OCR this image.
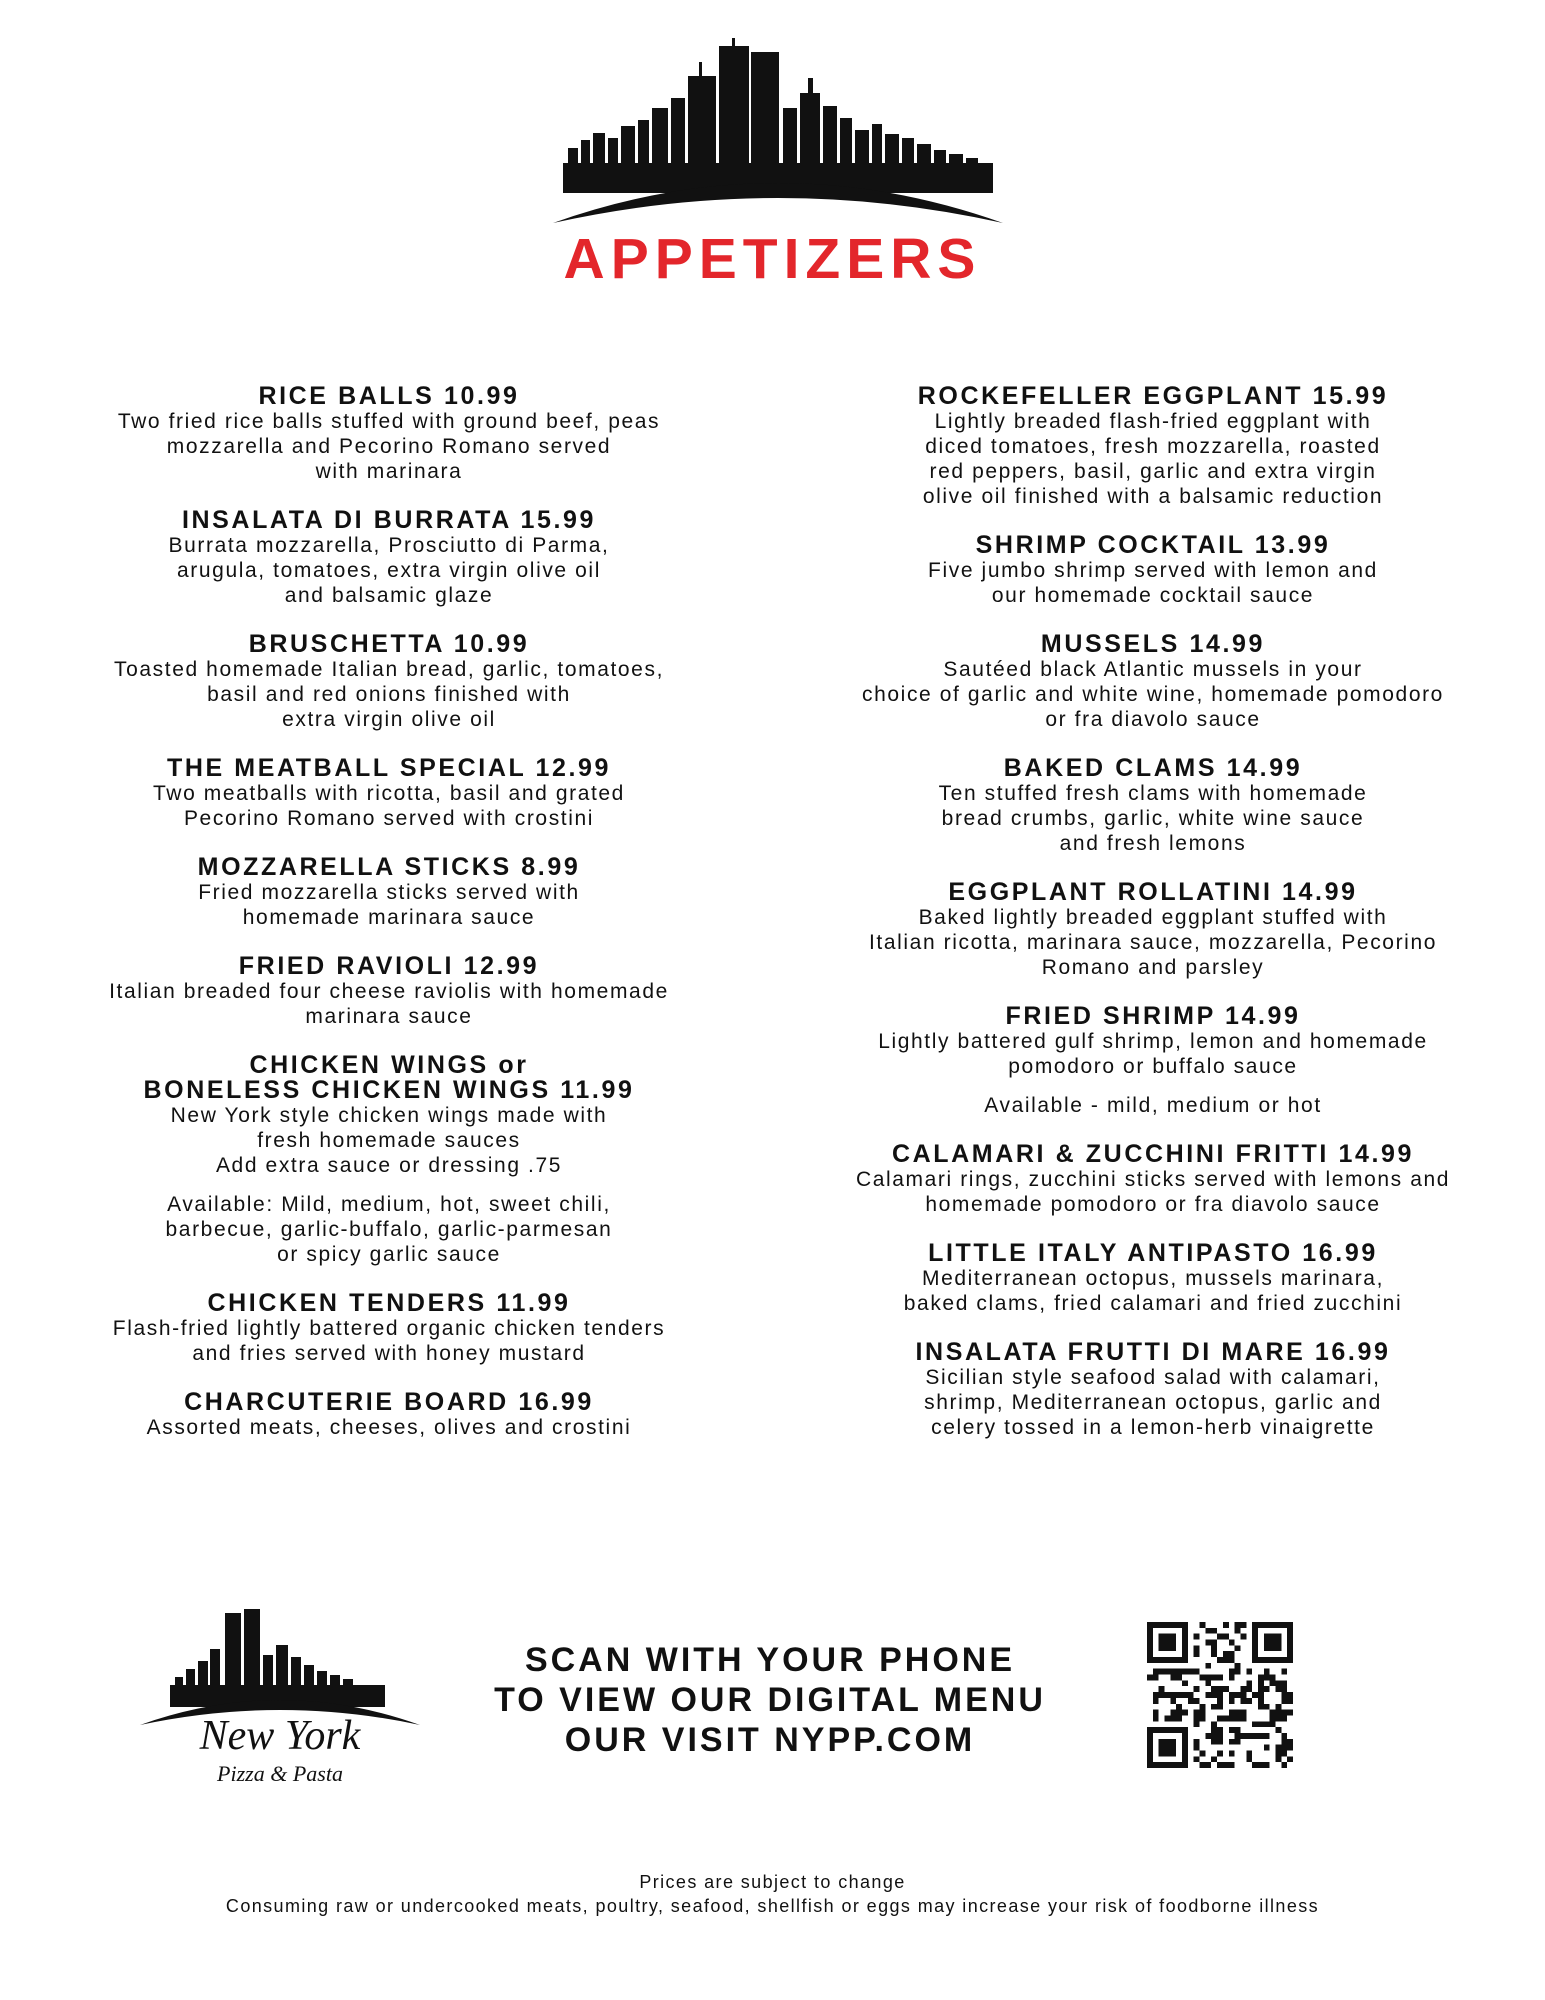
APPETIZERS

RICE BALLS 10.99

Two fried rice balls stuffed with ground beef, peas
mozzarella and Pecorino Romano served
with marinara

INSALATA DI BURRATA 15.99

Burrata mozzarella, Prosciutto di Parma,
arugula, tomatoes, extra virgin olive oil
and balsamic glaze

BRUSCHETTA 10.99

Toasted homemade Italian bread, garlic, tomatoes,
basil and red onions finished with
extra virgin olive oil

THE MEATBALL SPECIAL 12.99

Two meatballs with ricotta, basil and grated
Pecorino Romano served with crostini

MOZZARELLA STICKS 8.99

Fried mozzarella sticks served with
homemade marinara sauce

FRIED RAVIOLI 12.99

Italian breaded four cheese raviolis with homemade
marinara sauce

CHICKEN WINGS or
BONELESS CHICKEN WINGS 11.99

New York style chicken wings made with
fresh homemade sauces
Add extra sauce or dressing .75

Available: Mild, medium, hot, sweet chili,
barbecue, garlic-buffalo, garlic-parmesan
or spicy garlic sauce

CHICKEN TENDERS 11.99

Flash-fried lightly battered organic chicken tenders
and fries served with honey mustard

CHARCUTERIE BOARD 16.99

Assorted meats, cheeses, olives and crostini

ROCKEFELLER EGGPLANT 15.99

Lightly breaded flash-fried eggplant with
diced tomatoes, fresh mozzarella, roasted
red peppers, basil, garlic and extra virgin
olive oil finished with a balsamic reduction

SHRIMP COCKTAIL 13.99

Five jumbo shrimp served with lemon and
our homemade cocktail sauce

MUSSELS 14.99

Sautéed black Atlantic mussels in your
choice of garlic and white wine, homemade pomodoro
or fra diavolo sauce

BAKED CLAMS 14.99

Ten stuffed fresh clams with homemade
bread crumbs, garlic, white wine sauce
and fresh lemons

EGGPLANT ROLLATINI 14.99

Baked lightly breaded eggplant stuffed with
Italian ricotta, marinara sauce, mozzarella, Pecorino
Romano and parsley

FRIED SHRIMP 14.99

Lightly battered gulf shrimp, lemon and homemade
pomodoro or buffalo sauce

Available - mild, medium or hot

CALAMARI & ZUCCHINI FRITTI 14.99

Calamari rings, zucchini sticks served with lemons and
homemade pomodoro or fra diavolo sauce

LITTLE ITALY ANTIPASTO 16.99

Mediterranean octopus, mussels marinara,
baked clams, fried calamari and fried zucchini

INSALATA FRUTTI DI MARE 16.99

Sicilian style seafood salad with calamari,
shrimp, Mediterranean octopus, garlic and
celery tossed in a lemon-herb vinaigrette

New York
Pizza & Pasta
SCAN WITH YOUR PHONE
TO VIEW OUR DIGITAL MENU
OUR VISIT NYPP.COM
Prices are subject to change
Consuming raw or undercooked meats, poultry, seafood, shellfish or eggs may increase your risk of foodborne illness
